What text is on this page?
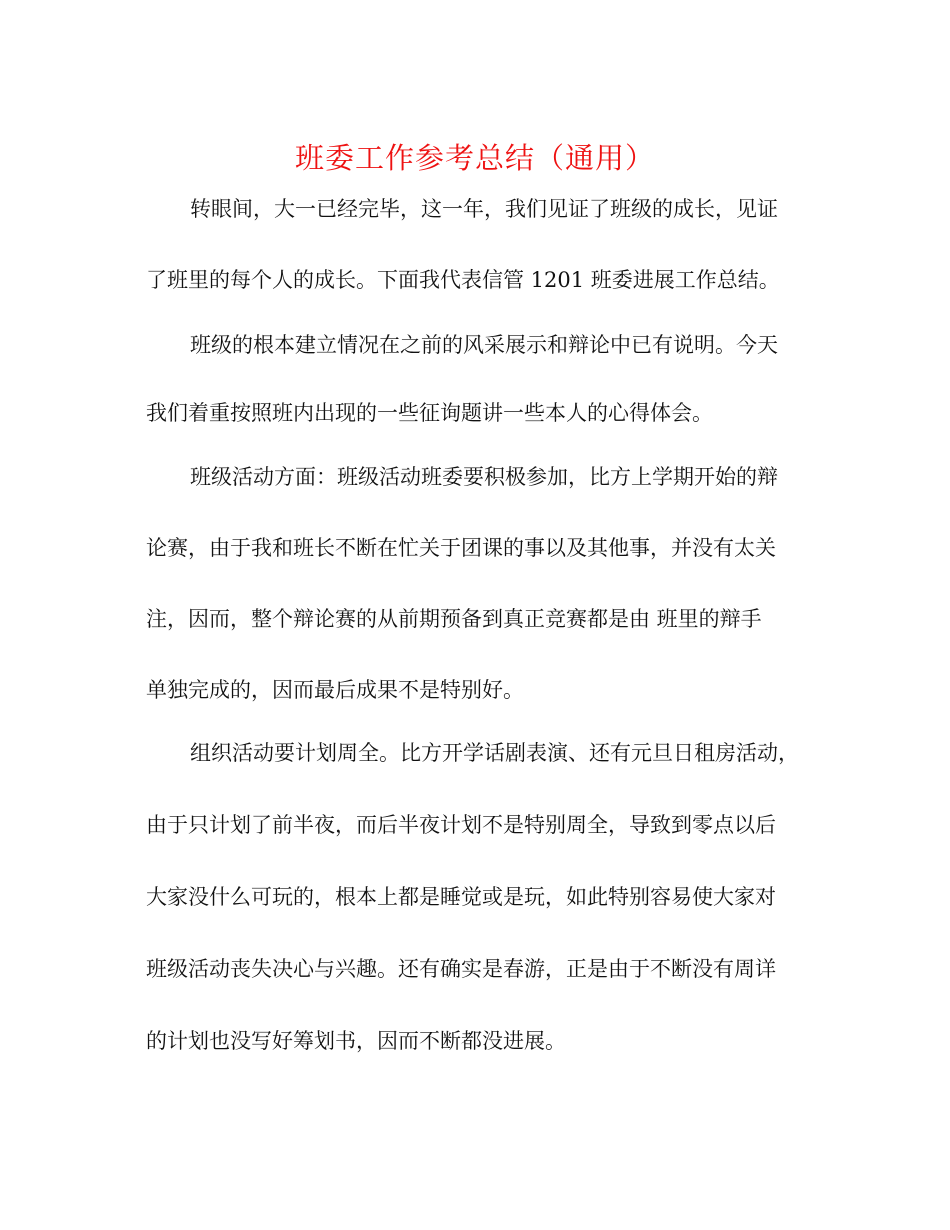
班委工作参考总结（通用）
转眼间，大一已经完毕，这一年，我们见证了班级的成长，见证
了班里的每个人的成长。下面我代表信管 1201 班委进展工作总结。
班级的根本建立情况在之前的风采展示和辩论中已有说明。今天
我们着重按照班内出现的一些征询题讲一些本人的心得体会。
班级活动方面：班级活动班委要积极参加，比方上学期开始的辩
论赛，由于我和班长不断在忙关于团课的事以及其他事，并没有太关
注，因而，整个辩论赛的从前期预备到真正竞赛都是由 班里的辩手
单独完成的，因而最后成果不是特别好。
组织活动要计划周全。比方开学话剧表演、还有元旦日租房活动，
由于只计划了前半夜，而后半夜计划不是特别周全，导致到零点以后
大家没什么可玩的，根本上都是睡觉或是玩，如此特别容易使大家对
班级活动丧失决心与兴趣。还有确实是春游，正是由于不断没有周详
的计划也没写好筹划书，因而不断都没进展。
